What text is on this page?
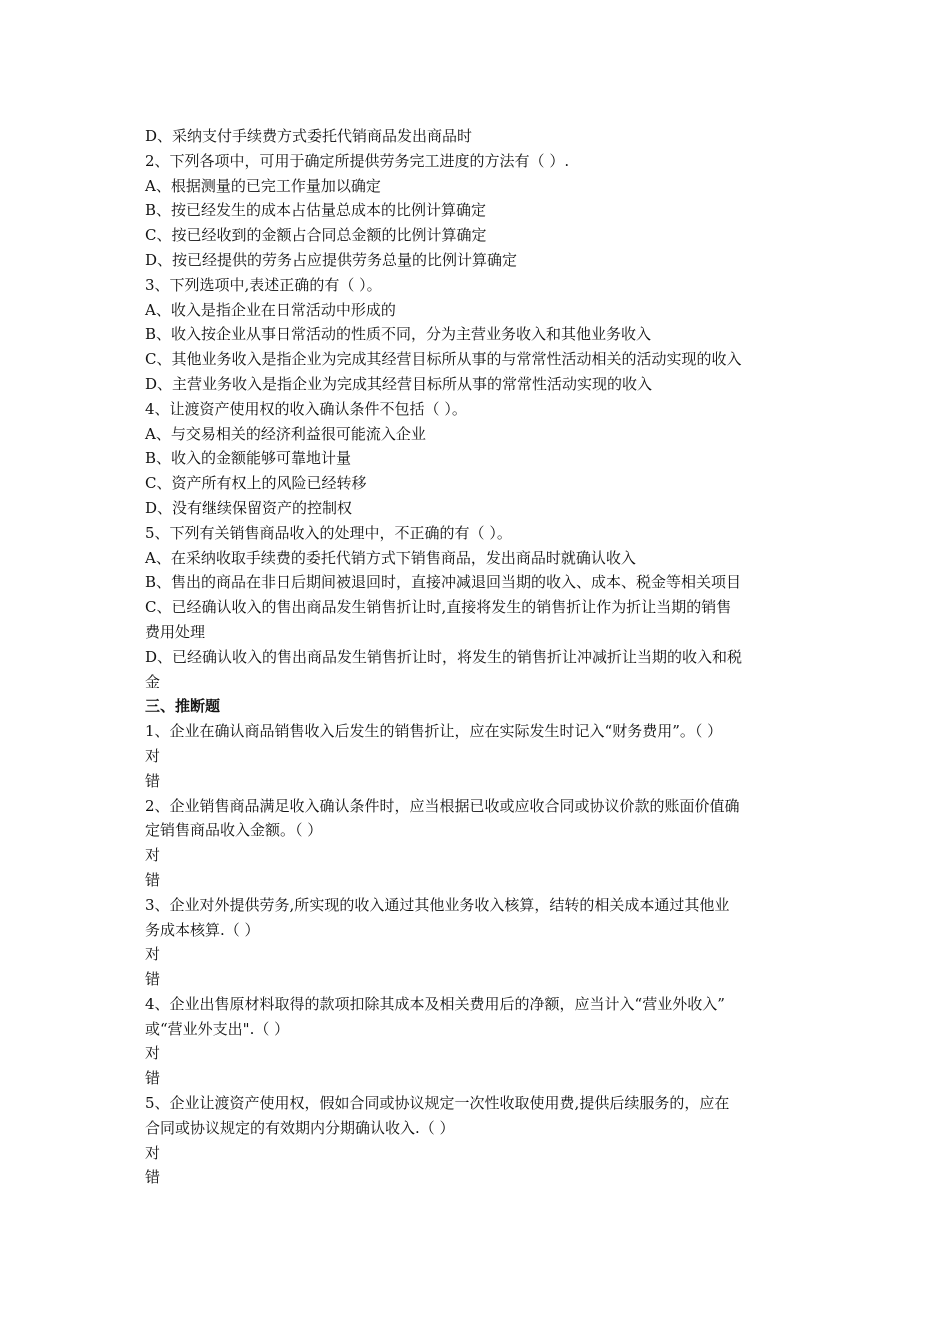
D、采纳支付手续费方式委托代销商品发出商品时
2、下列各项中，可用于确定所提供劳务完工进度的方法有（ ）.
A、根据测量的已完工作量加以确定
B、按已经发生的成本占估量总成本的比例计算确定
C、按已经收到的金额占合同总金额的比例计算确定
D、按已经提供的劳务占应提供劳务总量的比例计算确定
3、下列选项中,表述正确的有（ ）。
A、收入是指企业在日常活动中形成的
B、收入按企业从事日常活动的性质不同，分为主营业务收入和其他业务收入
C、其他业务收入是指企业为完成其经营目标所从事的与常常性活动相关的活动实现的收入
D、主营业务收入是指企业为完成其经营目标所从事的常常性活动实现的收入
4、让渡资产使用权的收入确认条件不包括（ ）。
A、与交易相关的经济利益很可能流入企业
B、收入的金额能够可靠地计量
C、资产所有权上的风险已经转移
D、没有继续保留资产的控制权
5、下列有关销售商品收入的处理中，不正确的有（ ）。
A、在采纳收取手续费的委托代销方式下销售商品，发出商品时就确认收入
B、售出的商品在非日后期间被退回时，直接冲减退回当期的收入、成本、税金等相关项目
C、已经确认收入的售出商品发生销售折让时,直接将发生的销售折让作为折让当期的销售
费用处理
D、已经确认收入的售出商品发生销售折让时，将发生的销售折让冲减折让当期的收入和税
金
三、推断题
1、企业在确认商品销售收入后发生的销售折让，应在实际发生时记入“财务费用”。（ ）
对
错
2、企业销售商品满足收入确认条件时，应当根据已收或应收合同或协议价款的账面价值确
定销售商品收入金额。（ ）
对
错
3、企业对外提供劳务,所实现的收入通过其他业务收入核算，结转的相关成本通过其他业
务成本核算.（ ）
对
错
4、企业出售原材料取得的款项扣除其成本及相关费用后的净额，应当计入“营业外收入”
或“营业外支出".（ ）
对
错
5、企业让渡资产使用权，假如合同或协议规定一次性收取使用费,提供后续服务的，应在
合同或协议规定的有效期内分期确认收入.（ ）
对
错
